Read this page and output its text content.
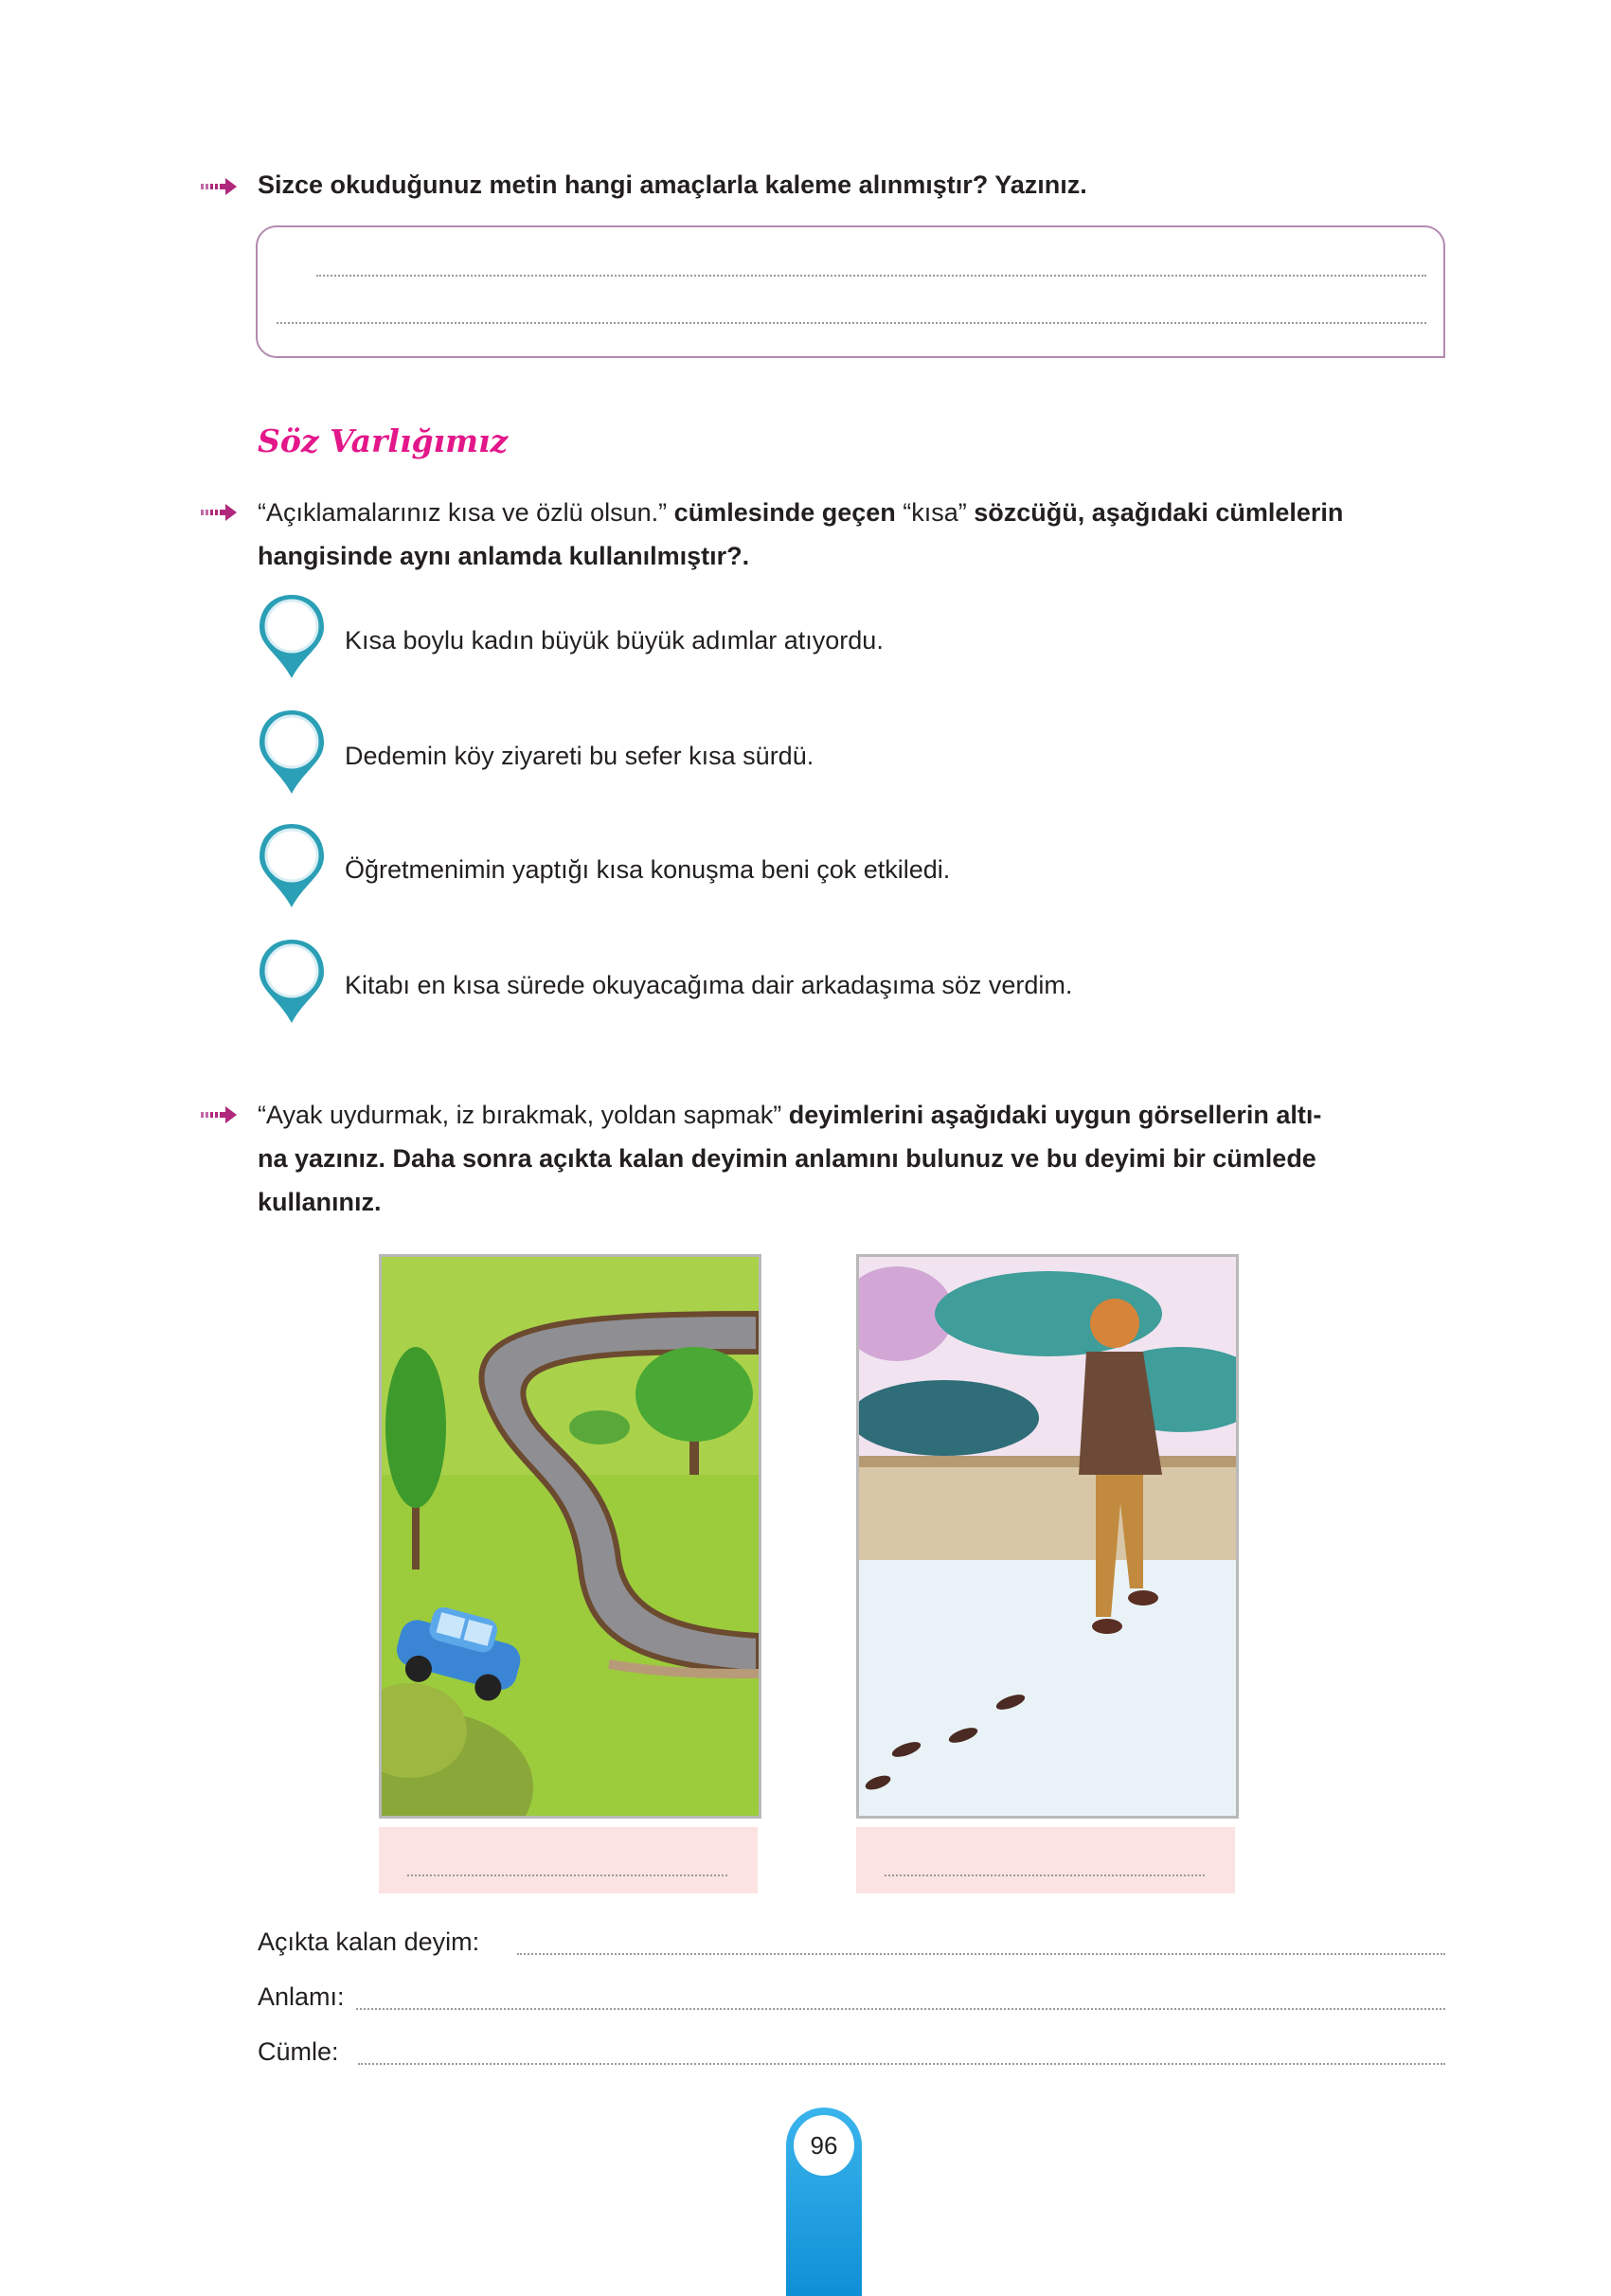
Sizce okuduğunuz metin hangi amaçlarla kaleme alınmıştır? Yazınız.
Söz Varlığımız
“Açıklamalarınız kısa ve özlü olsun.” cümlesinde geçen “kısa” sözcüğü, aşağıdaki cümlelerin
hangisinde aynı anlamda kullanılmıştır?.
Kısa boylu kadın büyük büyük adımlar atıyordu.
Dedemin köy ziyareti bu sefer kısa sürdü.
Öğretmenimin yaptığı kısa konuşma beni çok etkiledi.
Kitabı en kısa sürede okuyacağıma dair arkadaşıma söz verdim.
“Ayak uydurmak, iz bırakmak, yoldan sapmak” deyimlerini aşağıdaki uygun görsellerin altı-
na yazınız. Daha sonra açıkta kalan deyimin anlamını bulunuz ve bu deyimi bir cümlede
kullanınız.
Açıkta kalan deyim:
Anlamı:
Cümle:
96
